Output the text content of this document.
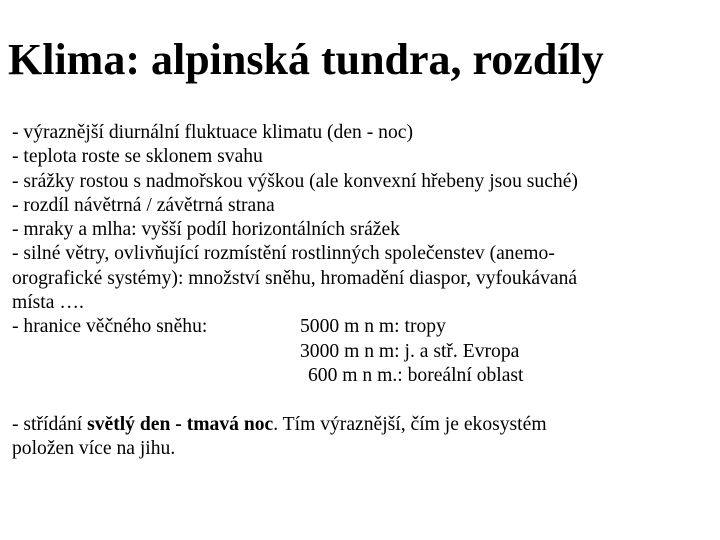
Klima: alpinská tundra, rozdíly
- výraznější diurnální fluktuace klimatu (den - noc)
- teplota roste se sklonem svahu
- srážky rostou s nadmořskou výškou (ale konvexní hřebeny jsou suché)
- rozdíl návětrná / závětrná strana
- mraky a mlha: vyšší podíl horizontálních srážek
- silné větry, ovlivňující rozmístění rostlinných společenstev (anemo-
orografické systémy): množství sněhu, hromadění diaspor, vyfoukávaná
místa ….
- hranice věčného sněhu:	5000 m n m: tropy
3000 m n m: j. a stř. Evropa
600 m n m.: boreální oblast
- střídání světlý den - tmavá noc. Tím výraznější, čím je ekosystém
položen více na jihu.
